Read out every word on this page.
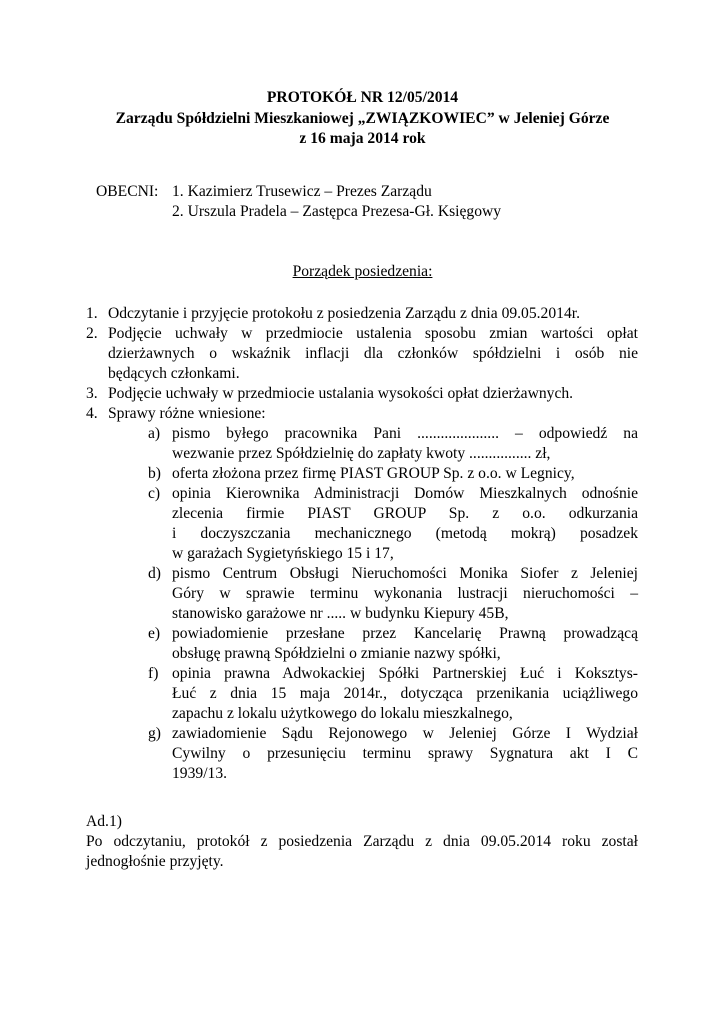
PROTOKÓŁ NR 12/05/2014
Zarządu Spółdzielni Mieszkaniowej „ZWIĄZKOWIEC” w Jeleniej Górze
z 16 maja 2014 rok
OBECNI: 1. Kazimierz Trusewicz – Prezes Zarządu
2. Urszula Pradela – Zastępca Prezesa-Gł. Księgowy
Porządek posiedzenia:
1. Odczytanie i przyjęcie protokołu z posiedzenia Zarządu z dnia 09.05.2014r.
2. Podjęcie uchwały w przedmiocie ustalenia sposobu zmian wartości opłat
dzierżawnych o wskaźnik inflacji dla członków spółdzielni i osób nie
będących członkami.
3. Podjęcie uchwały w przedmiocie ustalania wysokości opłat dzierżawnych.
4. Sprawy różne wniesione:
a) pismo byłego pracownika Pani ..................... – odpowiedź na
wezwanie przez Spółdzielnię do zapłaty kwoty ................ zł,
b) oferta złożona przez firmę PIAST GROUP Sp. z o.o. w Legnicy,
c) opinia Kierownika Administracji Domów Mieszkalnych odnośnie
zlecenia firmie PIAST GROUP Sp. z o.o. odkurzania
i doczyszczania mechanicznego (metodą mokrą) posadzek
w garażach Sygietyńskiego 15 i 17,
d) pismo Centrum Obsługi Nieruchomości Monika Siofer z Jeleniej
Góry w sprawie terminu wykonania lustracji nieruchomości –
stanowisko garażowe nr ..... w budynku Kiepury 45B,
e) powiadomienie przesłane przez Kancelarię Prawną prowadzącą
obsługę prawną Spółdzielni o zmianie nazwy spółki,
f) opinia prawna Adwokackiej Spółki Partnerskiej Łuć i Koksztys-
Łuć z dnia 15 maja 2014r., dotycząca przenikania uciążliwego
zapachu z lokalu użytkowego do lokalu mieszkalnego,
g) zawiadomienie Sądu Rejonowego w Jeleniej Górze I Wydział
Cywilny o przesunięciu terminu sprawy Sygnatura akt I C
1939/13.
Ad.1)
Po odczytaniu, protokół z posiedzenia Zarządu z dnia 09.05.2014 roku został
jednogłośnie przyjęty.
